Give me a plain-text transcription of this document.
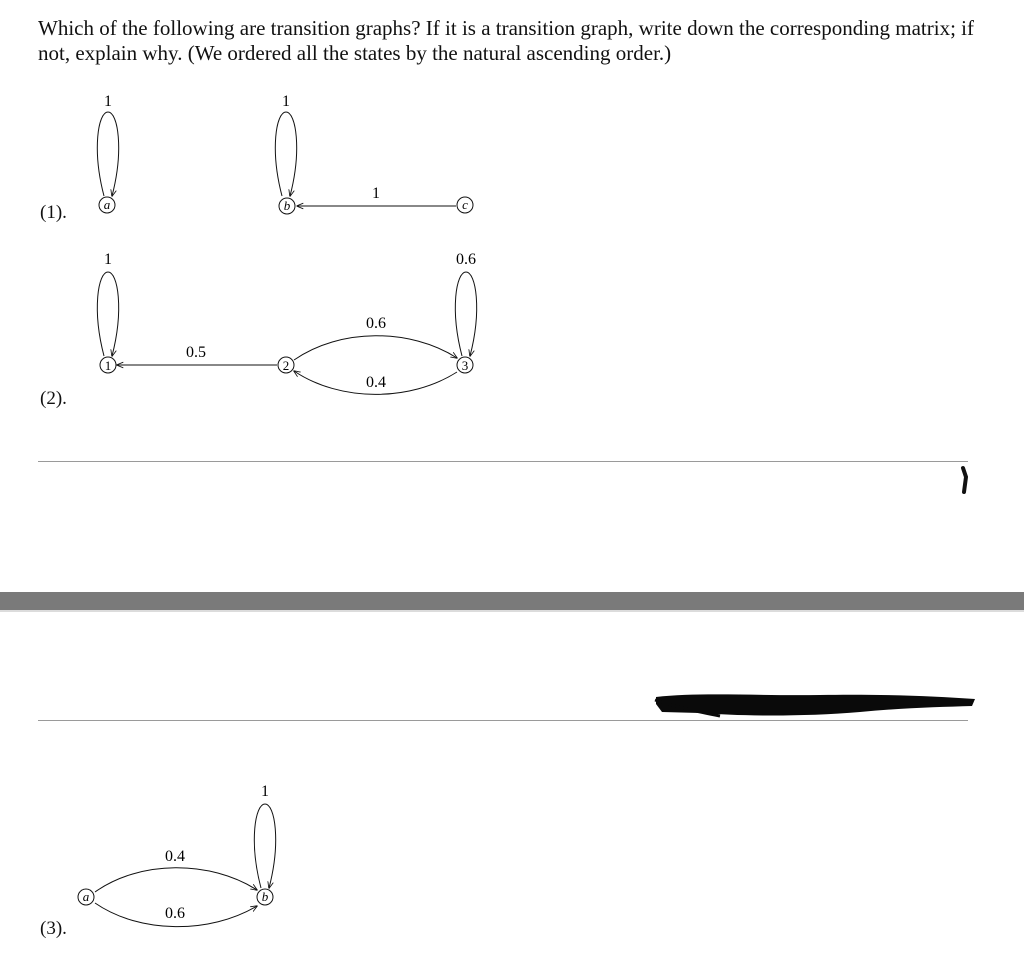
Which of the following are transition graphs? If it is a transition graph, write down the corresponding matrix; if not, explain why. (We ordered all the states by the natural ascending order.)

(1).
1	1
1
a	b	c
(2).
1
0.5
0.6
0.4
0.6
1	2	3
(3).
0.4
0.6
1
a	b
